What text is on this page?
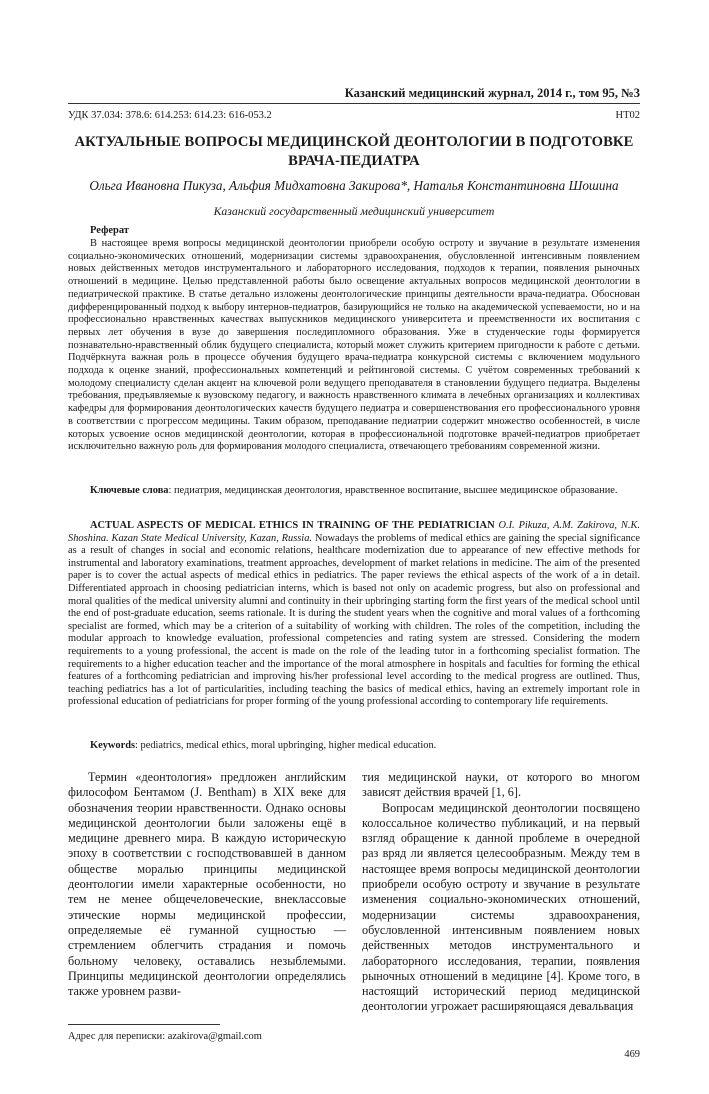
Казанский медицинский журнал, 2014 г., том 95, №3
УДК 37.034: 378.6: 614.253: 614.23: 616-053.2	НТ02
АКТУАЛЬНЫЕ ВОПРОСЫ МЕДИЦИНСКОЙ ДЕОНТОЛОГИИ В ПОДГОТОВКЕ ВРАЧА-ПЕДИАТРА
Ольга Ивановна Пикуза, Альфия Мидхатовна Закирова*, Наталья Константиновна Шошина
Казанский государственный медицинский университет
Реферат

В настоящее время вопросы медицинской деонтологии приобрели особую остроту и звучание в результате изменения социально-экономических отношений, модернизации системы здравоохранения, обусловленной интенсивным появлением новых действенных методов инструментального и лабораторного исследования, подходов к терапии, появления рыночных отношений в медицине. Целью представленной работы было освещение актуальных вопросов медицинской деонтологии в педиатрической практике. В статье детально изложены деонтологические принципы деятельности врача-педиатра. Обоснован дифференцированный подход к выбору интернов-педиатров, базирующийся не только на академической успеваемости, но и на профессионально нравственных качествах выпускников медицинского университета и преемственности их воспитания с первых лет обучения в вузе до завершения последипломного образования. Уже в студенческие годы формируется познавательно-нравственный облик будущего специалиста, который может служить критерием пригодности к работе с детьми. Подчёркнута важная роль в процессе обучения будущего врача-педиатра конкурсной системы с включением модульного подхода к оценке знаний, профессиональных компетенций и рейтинговой системы. С учётом современных требований к молодому специалисту сделан акцент на ключевой роли ведущего преподавателя в становлении будущего педиатра. Выделены требования, предъявляемые к вузовскому педагогу, и важность нравственного климата в лечебных организациях и коллективах кафедры для формирования деонтологических качеств будущего педиатра и совершенствования его профессионального уровня в соответствии с прогрессом медицины. Таким образом, преподавание педиатрии содержит множество особенностей, в числе которых усвоение основ медицинской деонтологии, которая в профессиональной подготовке врачей-педиатров приобретает исключительно важную роль для формирования молодого специалиста, отвечающего требованиям современной жизни.

Ключевые слова: педиатрия, медицинская деонтология, нравственное воспитание, высшее медицинское образование.

ACTUAL ASPECTS OF MEDICAL ETHICS IN TRAINING OF THE PEDIATRICIAN O.I. Pikuza, A.M. Zakirova, N.K. Shoshina. Kazan State Medical University, Kazan, Russia. Nowadays the problems of medical ethics are gaining the special significance as a result of changes in social and economic relations, healthcare modernization due to appearance of new effective methods for instrumental and laboratory examinations, treatment approaches, development of market relations in medicine. The aim of the presented paper is to cover the actual aspects of medical ethics in pediatrics. The paper reviews the ethical aspects of the work of a in detail. Differentiated approach in choosing pediatrician interns, which is based not only on academic progress, but also on professional and moral qualities of the medical university alumni and continuity in their upbringing starting form the first years of the medical school until the end of post-graduate education, seems rationale. It is during the student years when the cognitive and moral values of a forthcoming specialist are formed, which may be a criterion of a suitability of working with children. The roles of the competition, including the modular approach to knowledge evaluation, professional competencies and rating system are stressed. Considering the modern requirements to a young professional, the accent is made on the role of the leading tutor in a forthcoming specialist formation. The requirements to a higher education teacher and the importance of the moral atmosphere in hospitals and faculties for forming the ethical features of a forthcoming pediatrician and improving his/her professional level according to the medical progress are outlined. Thus, teaching pediatrics has a lot of particularities, including teaching the basics of medical ethics, having an extremely important role in professional education of pediatricians for proper forming of the young professional according to contemporary life requirements.

Keywords: pediatrics, medical ethics, moral upbringing, higher medical education.

Термин «деонтология» предложен английским философом Бентамом (J. Bentham) в XIX веке для обозначения теории нравственности. Однако основы медицинской деонтологии были заложены ещё в медицине древнего мира. В каждую историческую эпоху в соответствии с господствовавшей в данном обществе моралью принципы медицинской деонтологии имели характерные особенности, но тем не менее общечеловеческие, внеклассовые этические нормы медицинской профессии, определяемые её гуманной сущностью — стремлением облегчить страдания и помочь больному человеку, оставались незыблемыми. Принципы медицинской деонтологии определялись также уровнем разви-

тия медицинской науки, от которого во многом зависят действия врачей [1, 6].

Вопросам медицинской деонтологии посвящено колоссальное количество публикаций, и на первый взгляд обращение к данной проблеме в очередной раз вряд ли является целесообразным. Между тем в настоящее время вопросы медицинской деонтологии приобрели особую остроту и звучание в результате изменения социально-экономических отношений, модернизации системы здравоохранения, обусловленной интенсивным появлением новых действенных методов инструментального и лабораторного исследования, терапии, появления рыночных отношений в медицине [4]. Кроме того, в настоящий исторический период медицинской деонтологии угрожает расширяющаяся девальвация

Адрес для переписки: azakirova@gmail.com
469
